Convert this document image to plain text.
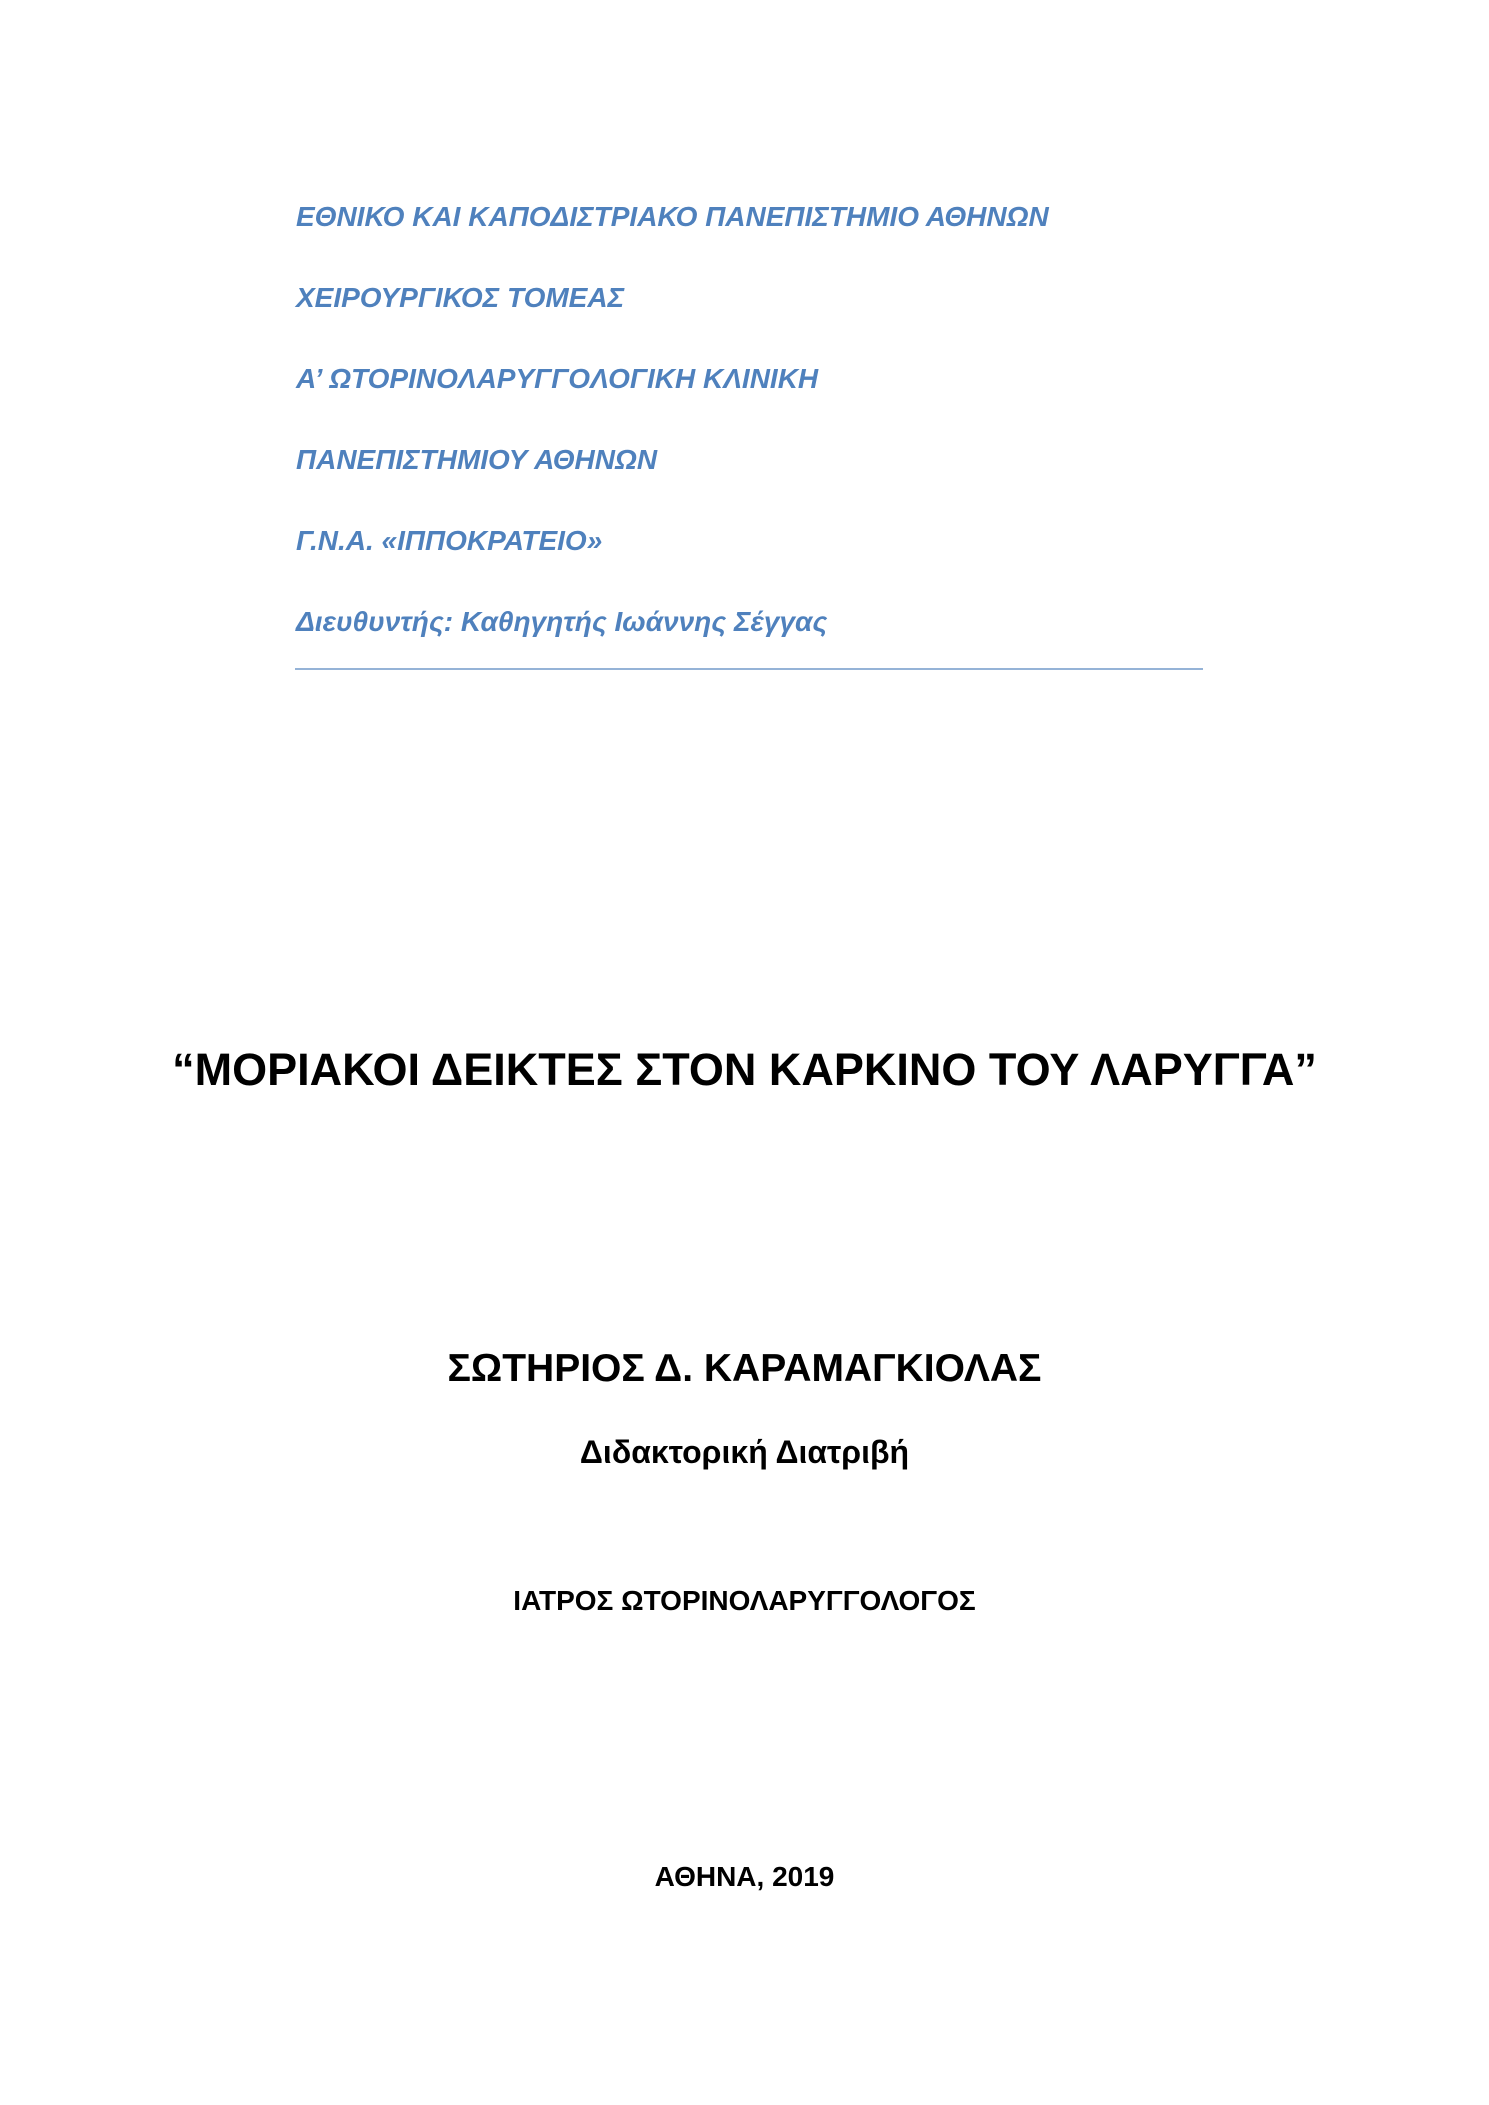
ΕΘΝΙΚΟ ΚΑΙ ΚΑΠΟΔΙΣΤΡΙΑΚΟ ΠΑΝΕΠΙΣΤΗΜΙΟ ΑΘΗΝΩΝ
ΧΕΙΡΟΥΡΓΙΚΟΣ ΤΟΜΕΑΣ
Α’ ΩΤΟΡΙΝΟΛΑΡΥΓΓΟΛΟΓΙΚΗ ΚΛΙΝΙΚΗ
ΠΑΝΕΠΙΣΤΗΜΙΟΥ ΑΘΗΝΩΝ
Γ.Ν.Α. «ΙΠΠΟΚΡΑΤΕΙΟ»
Διευθυντής: Καθηγητής Ιωάννης Σέγγας
“ΜΟΡΙΑΚΟΙ ΔΕΙΚΤΕΣ ΣΤΟΝ ΚΑΡΚΙΝΟ ΤΟΥ ΛΑΡΥΓΓΑ”
ΣΩΤΗΡΙΟΣ Δ. ΚΑΡΑΜΑΓΚΙΟΛΑΣ
Διδακτορική Διατριβή
ΙΑΤΡΟΣ ΩΤΟΡΙΝΟΛΑΡΥΓΓΟΛΟΓΟΣ
ΑΘΗΝΑ, 2019
